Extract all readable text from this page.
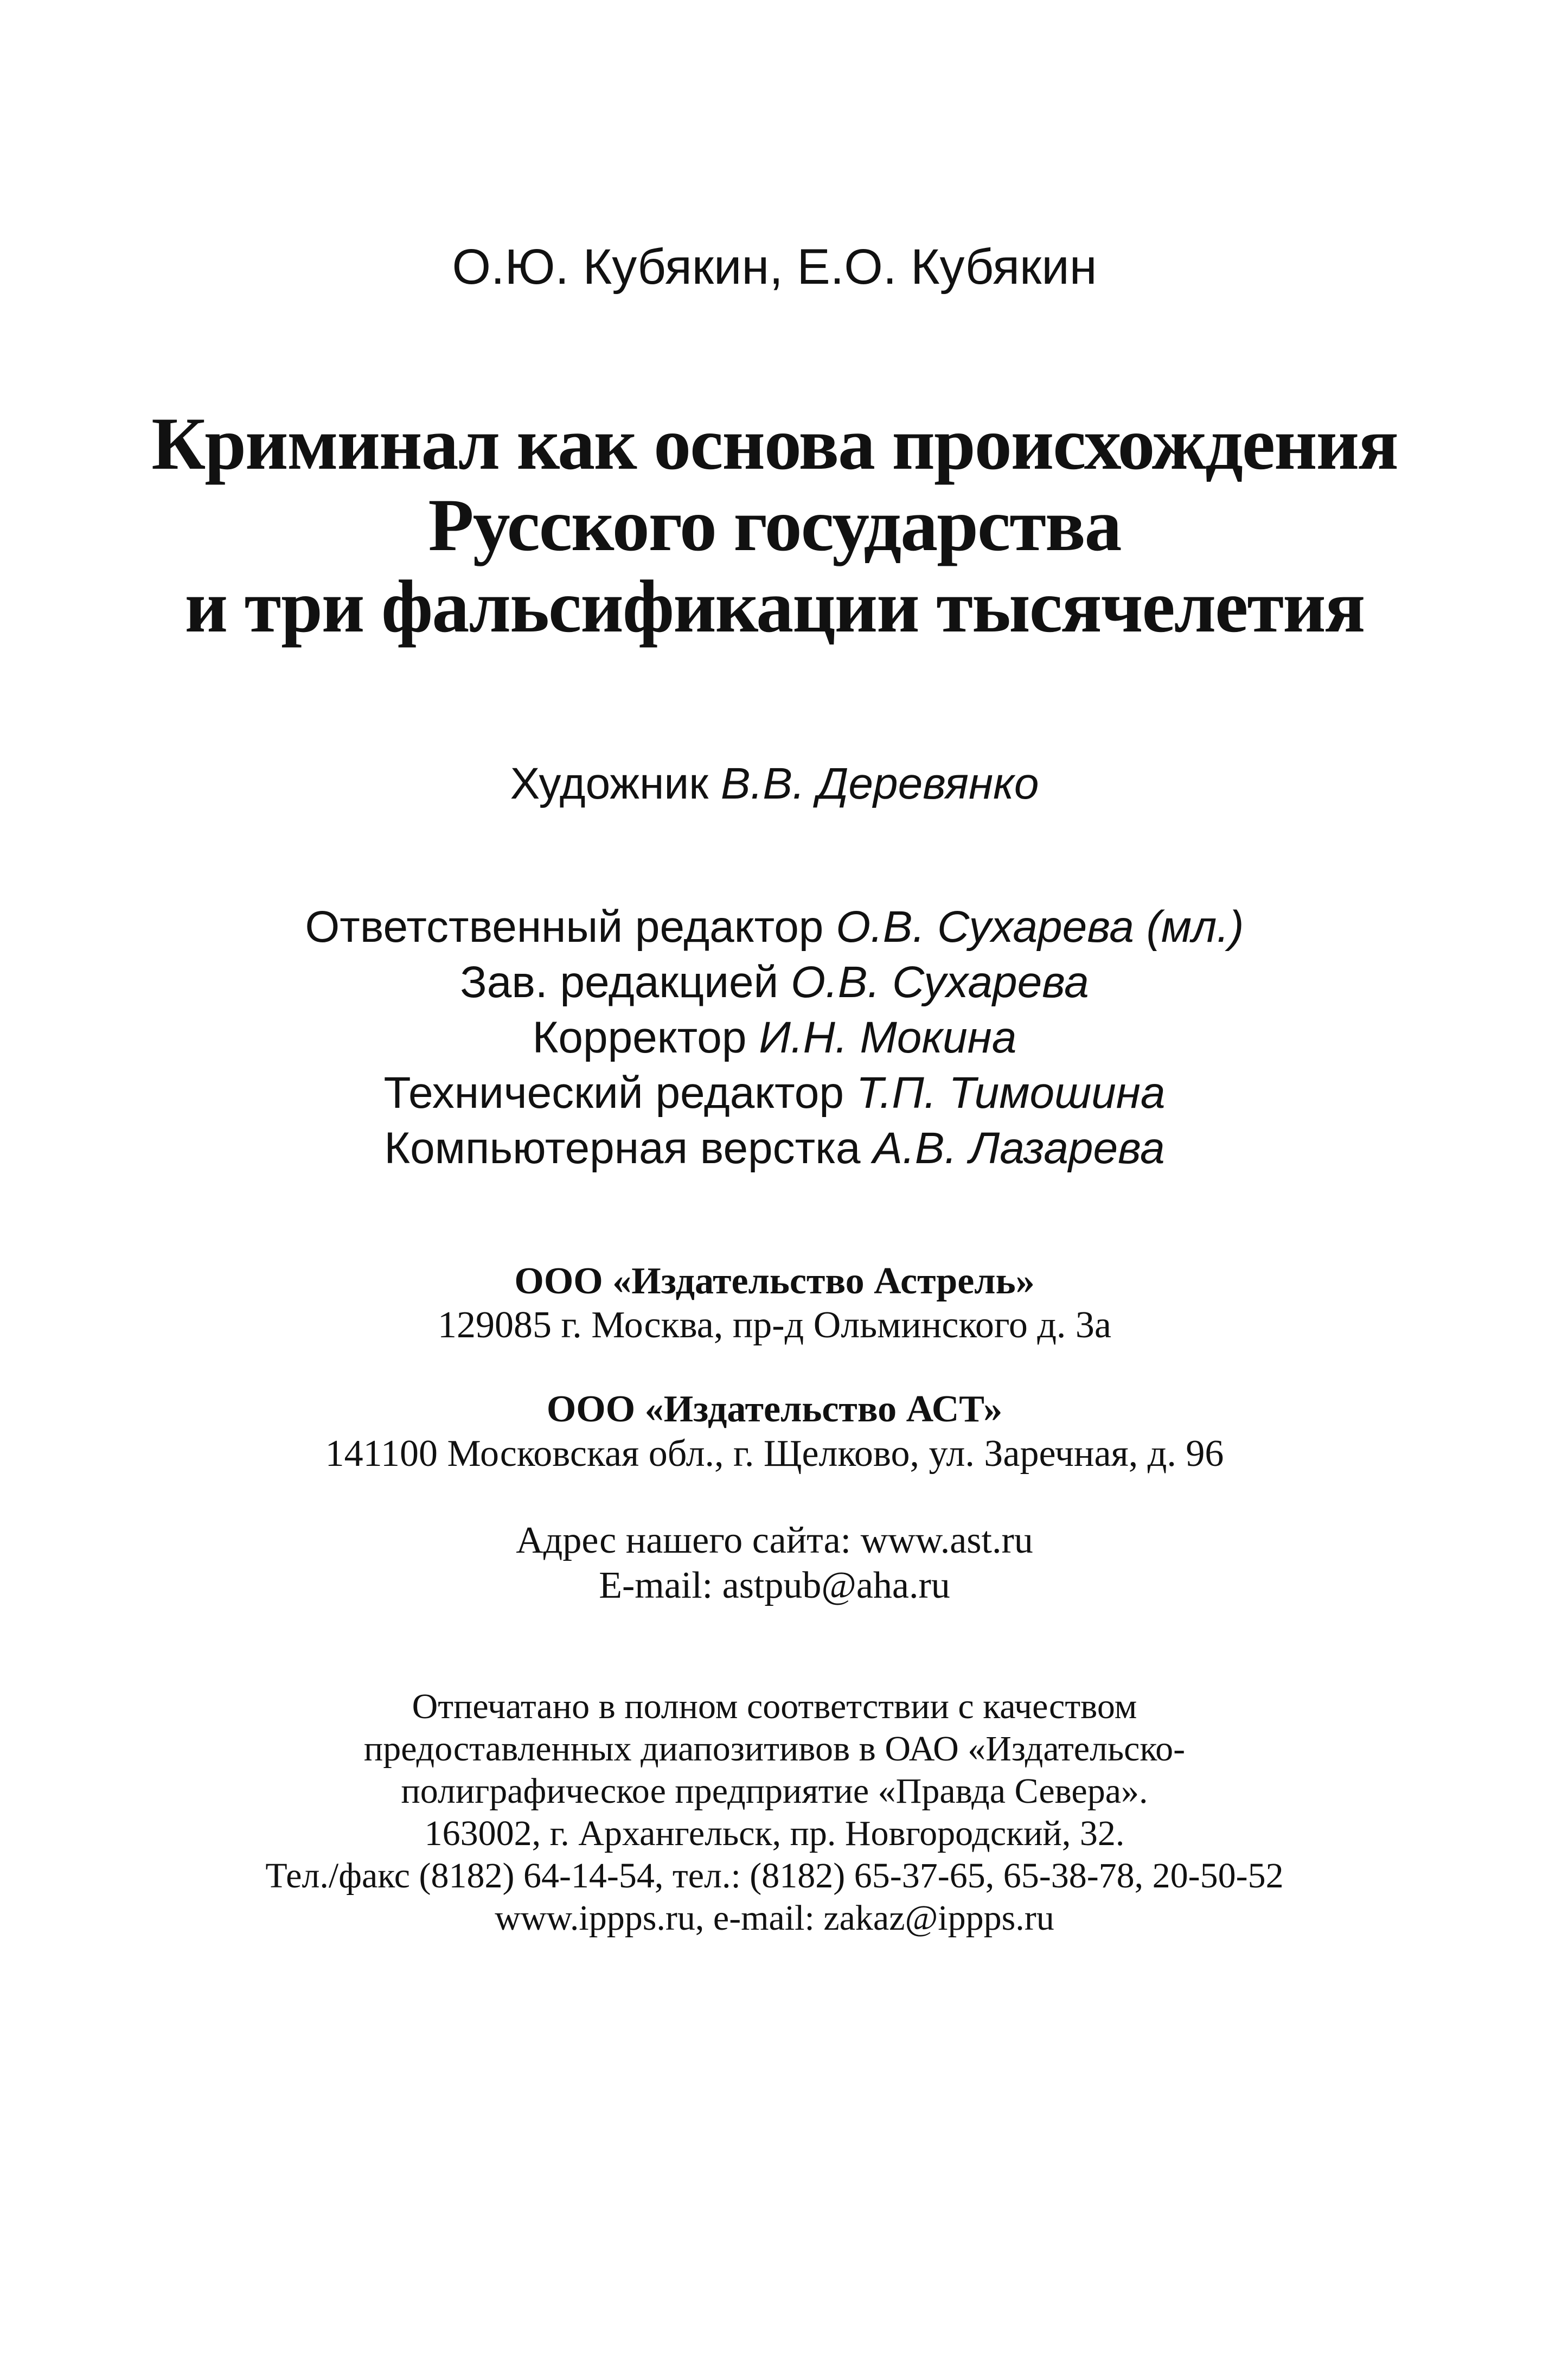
О.Ю. Кубякин, Е.О. Кубякин
Криминал как основа происхождения
Русского государства
и три фальсификации тысячелетия
Художник В.В. Деревянко
Ответственный редактор О.В. Сухарева (мл.)
Зав. редакцией О.В. Сухарева
Корректор И.Н. Мокина
Технический редактор Т.П. Тимошина
Компьютерная верстка А.В. Лазарева
ООО «Издательство Астрель»
129085 г. Москва, пр-д Ольминского д. 3а
ООО «Издательство АСТ»
141100 Московская обл., г. Щелково, ул. Заречная, д. 96
Адрес нашего сайта: www.ast.ru
E-mail: astpub@aha.ru
Отпечатано в полном соответствии с качеством
предоставленных диапозитивов в ОАО «Издательско-
полиграфическое предприятие «Правда Севера».
163002, г. Архангельск, пр. Новгородский, 32.
Тел./факс (8182) 64-14-54, тел.: (8182) 65-37-65, 65-38-78, 20-50-52
www.ippps.ru, e-mail: zakaz@ippps.ru
